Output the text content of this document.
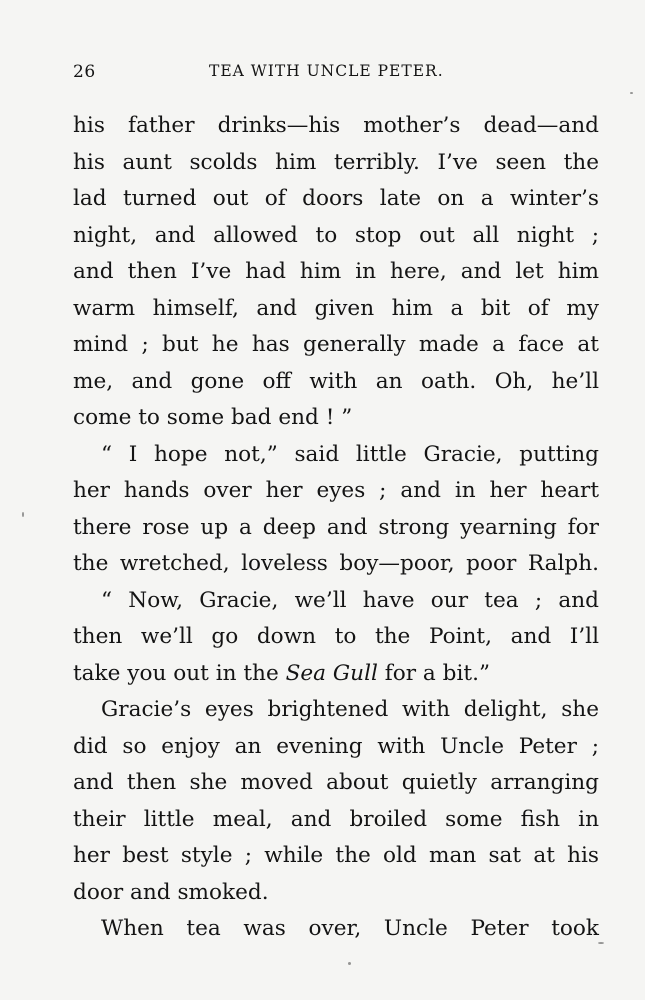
26	TEA WITH UNCLE PETER.
his father drinks—his mother’s dead—and
his aunt scolds him terribly. I’ve seen the
lad turned out of doors late on a winter’s
night, and allowed to stop out all night ;
and then I’ve had him in here, and let him
warm himself, and given him a bit of my
mind ; but he has generally made a face at
me, and gone off with an oath. Oh, he’ll
come to some bad end ! ”
“ I hope not,” said little Gracie, putting
her hands over her eyes ; and in her heart
there rose up a deep and strong yearning for
the wretched, loveless boy—poor, poor Ralph.
“ Now, Gracie, we’ll have our tea ; and
then we’ll go down to the Point, and I’ll
take you out in the Sea Gull for a bit.”
Gracie’s eyes brightened with delight, she
did so enjoy an evening with Uncle Peter ;
and then she moved about quietly arranging
their little meal, and broiled some fish in
her best style ; while the old man sat at his
door and smoked.
When tea was over, Uncle Peter took
